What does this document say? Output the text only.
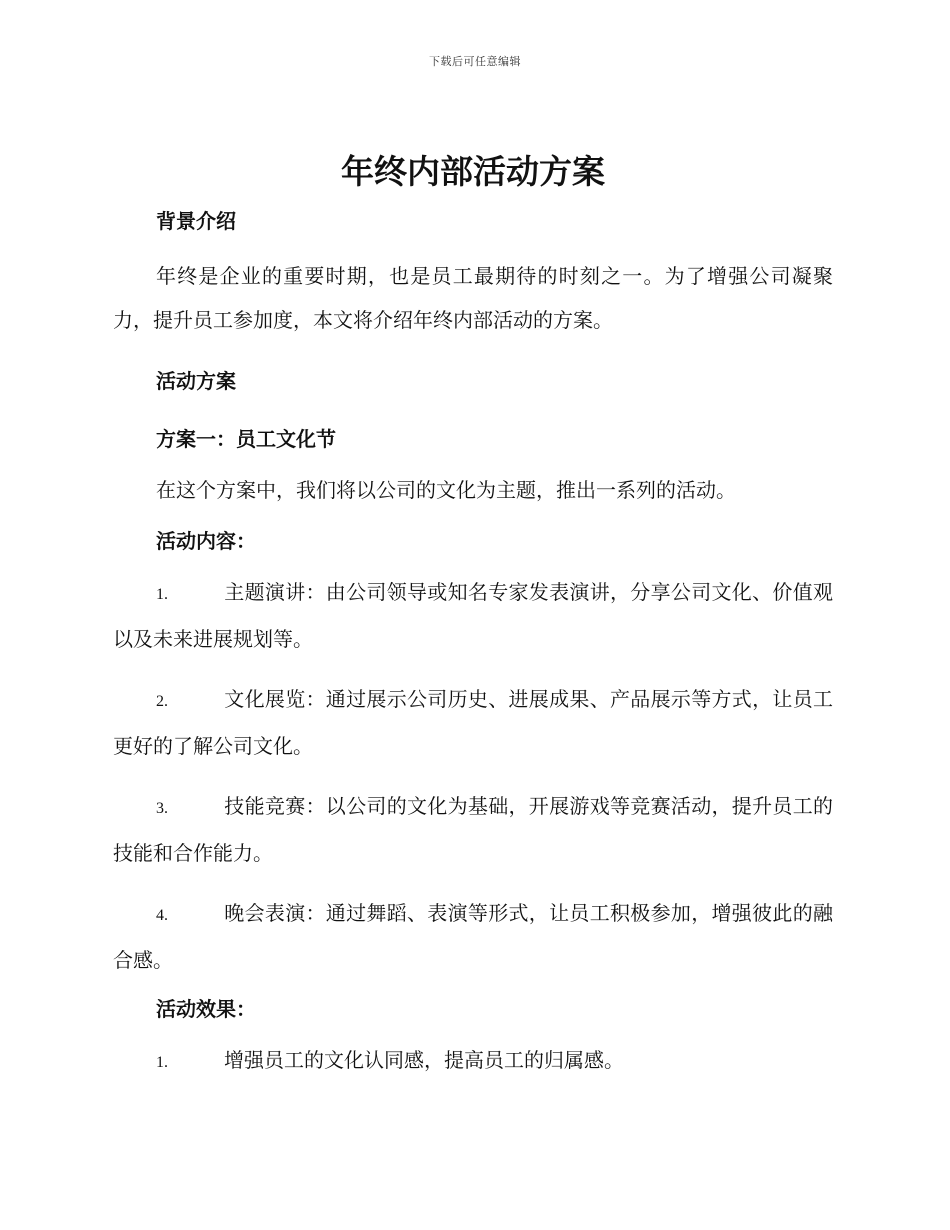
下载后可任意编辑
年终内部活动方案

背景介绍

年终是企业的重要时期，也是员工最期待的时刻之一。为了增强公司凝聚力，提升员工参加度，本文将介绍年终内部活动的方案。

活动方案

方案一：员工文化节

在这个方案中，我们将以公司的文化为主题，推出一系列的活动。

活动内容：

1.	主题演讲：由公司领导或知名专家发表演讲，分享公司文化、价值观以及未来进展规划等。

2.	文化展览：通过展示公司历史、进展成果、产品展示等方式，让员工更好的了解公司文化。

3.	技能竞赛：以公司的文化为基础，开展游戏等竞赛活动，提升员工的技能和合作能力。

4.	晚会表演：通过舞蹈、表演等形式，让员工积极参加，增强彼此的融合感。

活动效果：

1.	增强员工的文化认同感，提高员工的归属感。
